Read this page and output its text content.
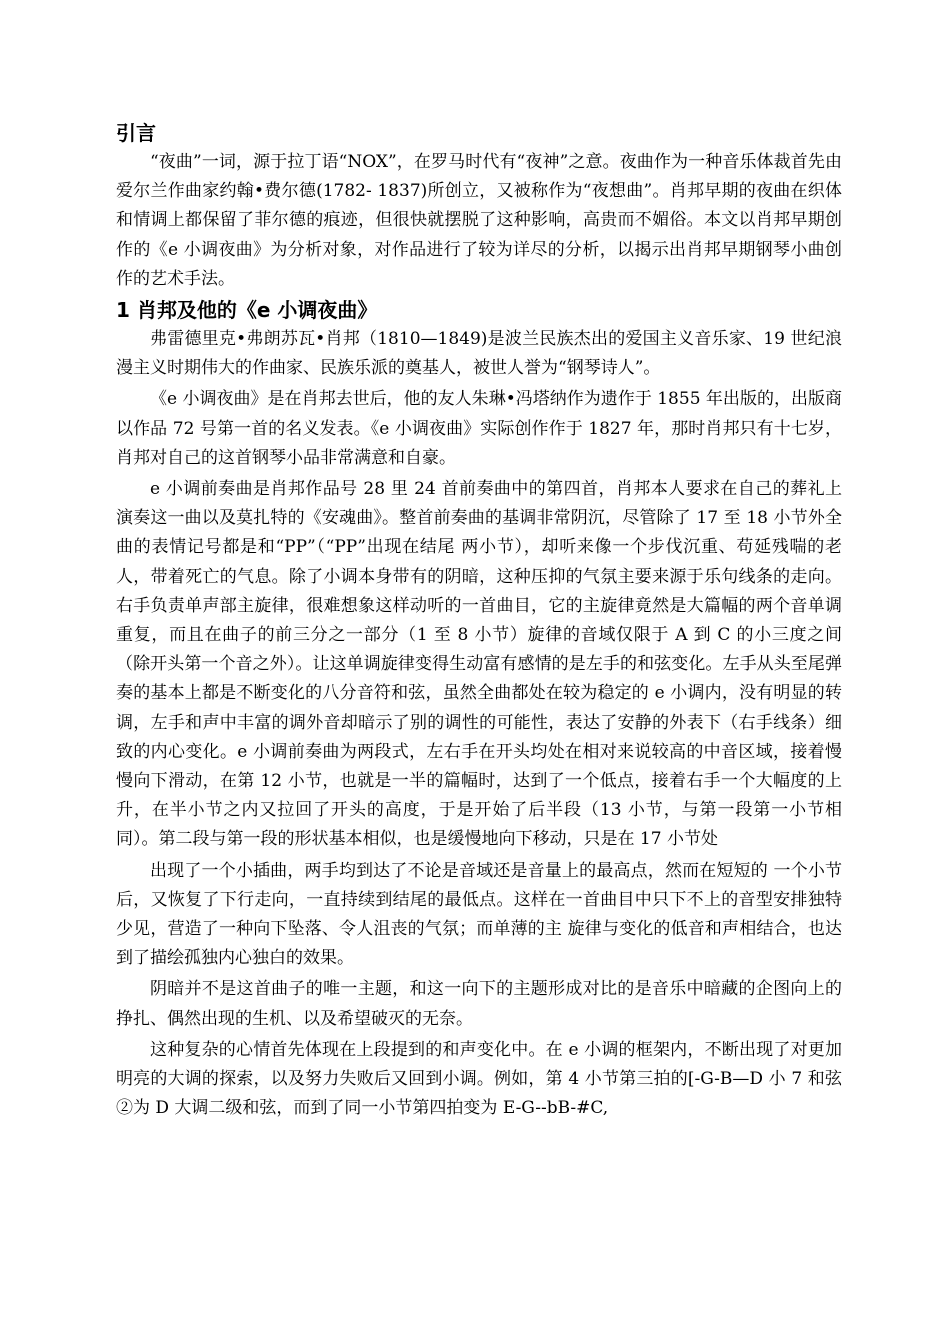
引言

“夜曲”一词，源于拉丁语“NOX”，在罗马时代有“夜神”之意。夜曲作为一种音乐体裁首先由爱尔兰作曲家约翰•费尔德(1782- 1837)所创立，又被称作为“夜想曲”。肖邦早期的夜曲在织体和情调上都保留了菲尔德的痕迹，但很快就摆脱了这种影响，高贵而不媚俗。本文以肖邦早期创作的《e 小调夜曲》为分析对象，对作品进行了较为详尽的分析，以揭示出肖邦早期钢琴小曲创作的艺术手法。

1 肖邦及他的《e 小调夜曲》

弗雷德里克•弗朗苏瓦•肖邦（1810—1849)是波兰民族杰出的爱国主义音乐家、19 世纪浪漫主义时期伟大的作曲家、民族乐派的奠基人，被世人誉为“钢琴诗人”。

《e 小调夜曲》是在肖邦去世后，他的友人朱琳•冯塔纳作为遗作于 1855 年出版的，出版商以作品 72 号第一首的名义发表。《e 小调夜曲》实际创作作于 1827 年，那时肖邦只有十七岁，肖邦对自己的这首钢琴小品非常满意和自豪。

e 小调前奏曲是肖邦作品号 28 里 24 首前奏曲中的第四首，肖邦本人要求在自己的葬礼上演奏这一曲以及莫扎特的《安魂曲》。整首前奏曲的基调非常阴沉，尽管除了 17 至 18 小节外全曲的表情记号都是和“PP”（“PP”出现在结尾 两小节），却听来像一个步伐沉重、苟延残喘的老人，带着死亡的气息。除了小调本身带有的阴暗，这种压抑的气氛主要来源于乐句线条的走向。右手负责单声部主旋律，很难想象这样动听的一首曲目，它的主旋律竟然是大篇幅的两个音单调重复，而且在曲子的前三分之一部分（1 至 8 小节）旋律的音域仅限于 A 到 C 的小三度之间（除开头第一个音之外）。让这单调旋律变得生动富有感情的是左手的和弦变化。左手从头至尾弹奏的基本上都是不断变化的八分音符和弦，虽然全曲都处在较为稳定的 e 小调内，没有明显的转调，左手和声中丰富的调外音却暗示了别的调性的可能性，表达了安静的外表下（右手线条）细致的内心变化。e 小调前奏曲为两段式，左右手在开头均处在相对来说较高的中音区域，接着慢慢向下滑动，在第 12 小节，也就是一半的篇幅时，达到了一个低点，接着右手一个大幅度的上升，在半小节之内又拉回了开头的高度，于是开始了后半段（13 小节，与第一段第一小节相同）。第二段与第一段的形状基本相似，也是缓慢地向下移动，只是在 17 小节处

出现了一个小插曲，两手均到达了不论是音域还是音量上的最高点，然而在短短的 一个小节后，又恢复了下行走向，一直持续到结尾的最低点。这样在一首曲目中只下不上的音型安排独特少见，营造了一种向下坠落、令人沮丧的气氛；而单薄的主 旋律与变化的低音和声相结合，也达到了描绘孤独内心独白的效果。

阴暗并不是这首曲子的唯一主题，和这一向下的主题形成对比的是音乐中暗藏的企图向上的挣扎、偶然出现的生机、以及希望破灭的无奈。

这种复杂的心情首先体现在上段提到的和声变化中。在 e 小调的框架内，不断出现了对更加明亮的大调的探索，以及努力失败后又回到小调。例如，第 4 小节第三拍的[-G-B—D 小 7 和弦②为 D 大调二级和弦，而到了同一小节第四拍变为 E-G--bB-#C,
